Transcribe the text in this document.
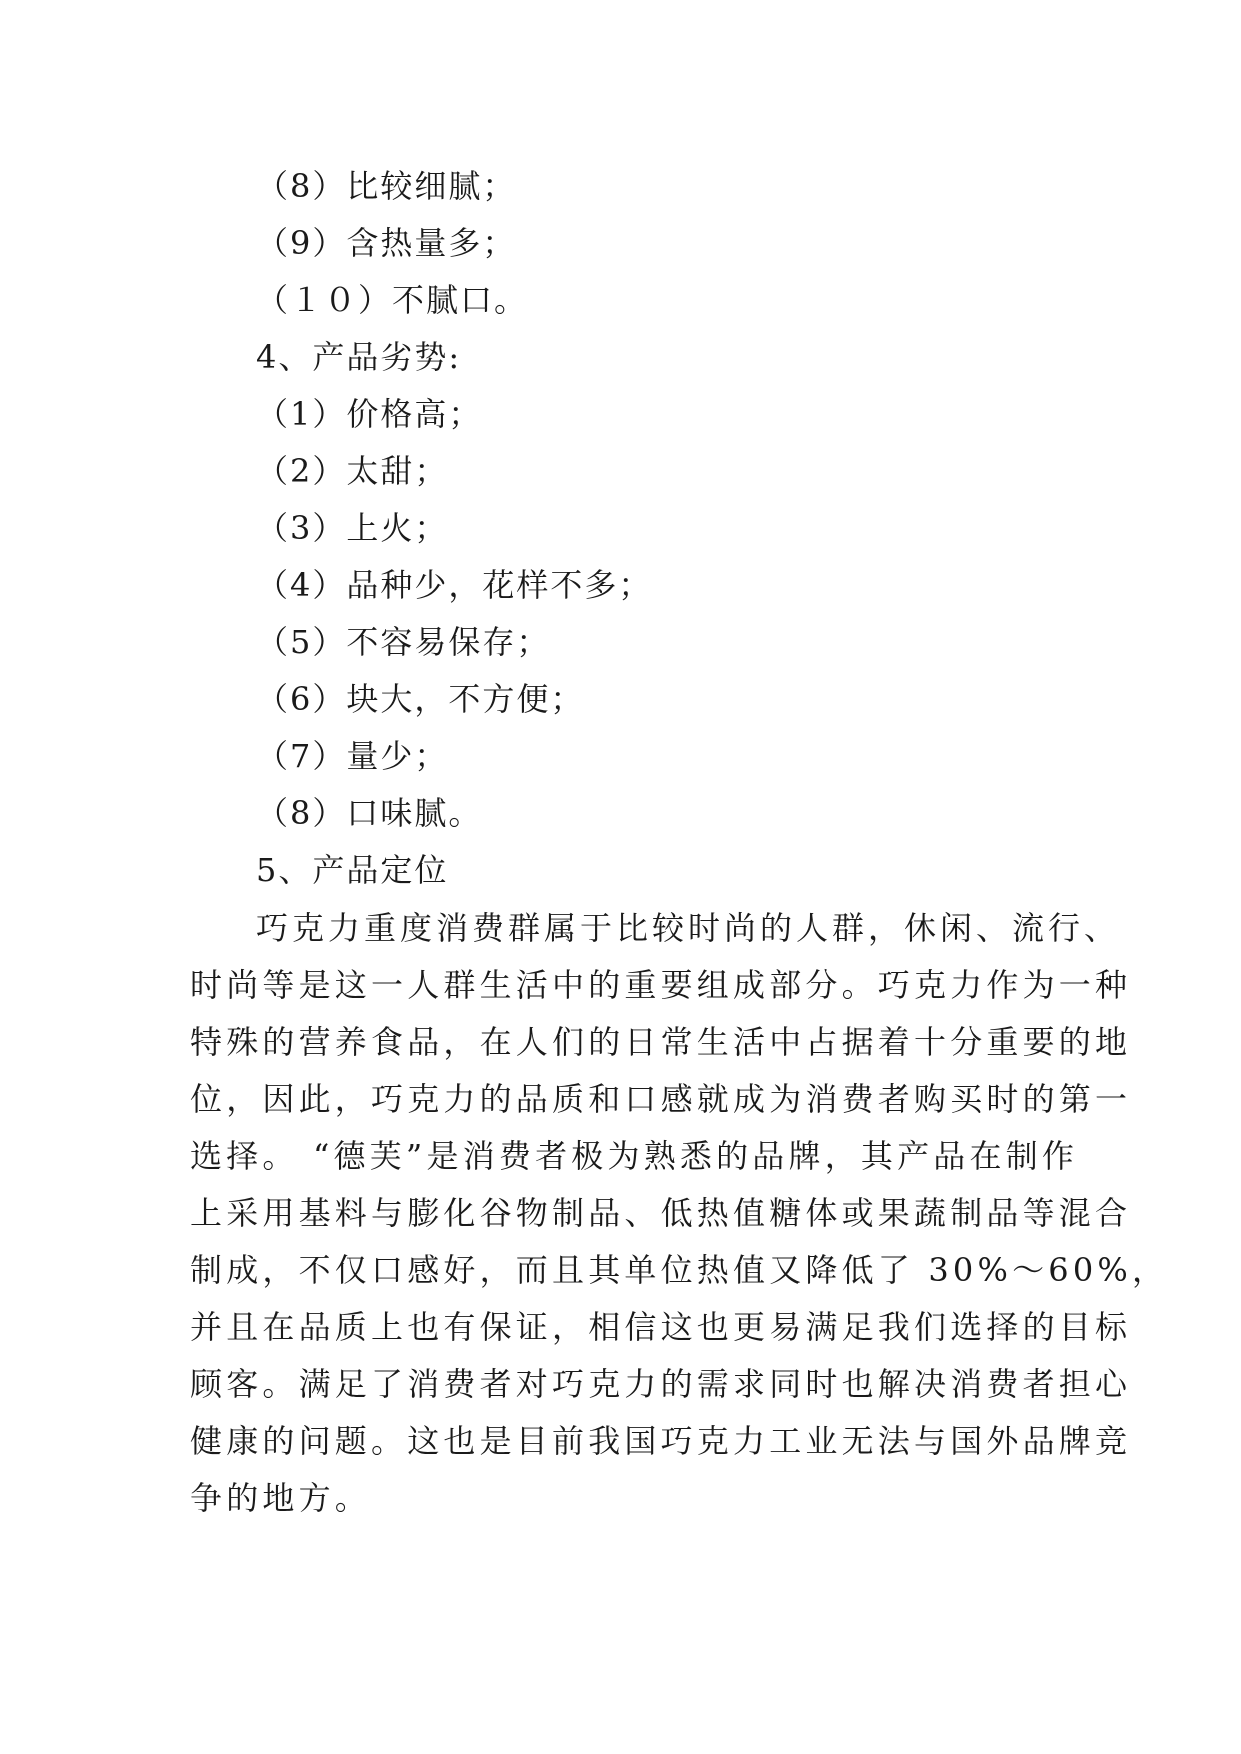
（8）比较细腻；
（9）含热量多；
（１０）不腻口。
4、产品劣势:
（1）价格高；
（2）太甜；
（3）上火；
（4）品种少，花样不多；
（5）不容易保存；
（6）块大，不方便；
（7）量少；
（8）口味腻。
5、产品定位
巧克力重度消费群属于比较时尚的人群，休闲、流行、
时尚等是这一人群生活中的重要组成部分。巧克力作为一种
特殊的营养食品，在人们的日常生活中占据着十分重要的地
位，因此，巧克力的品质和口感就成为消费者购买时的第一
选择。 “德芙”是消费者极为熟悉的品牌，其产品在制作
上采用基料与膨化谷物制品、低热值糖体或果蔬制品等混合
制成，不仅口感好，而且其单位热值又降低了 30%～60%，
并且在品质上也有保证，相信这也更易满足我们选择的目标
顾客。满足了消费者对巧克力的需求同时也解决消费者担心
健康的问题。这也是目前我国巧克力工业无法与国外品牌竞
争的地方。
